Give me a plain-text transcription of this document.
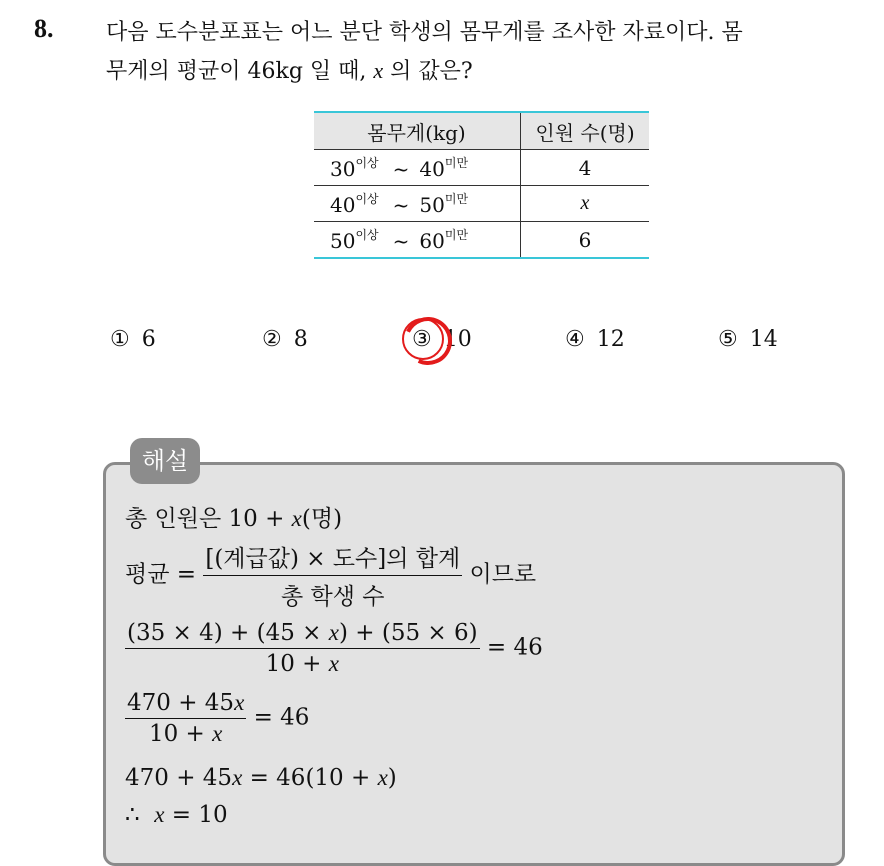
8. 다음 도수분포표는 어느 분단 학생의 몸무게를 조사한 자료이다. 몸
무게의 평균이 46kg 일 때, x 의 값은?
몸무게(kg)	인원 수(명)
$30^{이상}$ ~ $40^{미만}$	4
$40^{이상}$ ~ $50^{미만}$	x
$50^{이상}$ ~ $60^{미만}$	6
① 6	② 8	③ 10	④ 12	⑤ 14
해설
총 인원은 10 + x(명)
평균 = $\frac{\text{[(계급값) × 도수]의 합계}}{\text{총 학생 수}}$ 이므로
$\frac{(35 \times 4) + (45 \times x) + (55 \times 6)}{10 + x} = 46$
$\frac{470 + 45x}{10 + x} = 46$
470 + 45x = 46(10 + x)
∴ x = 10
